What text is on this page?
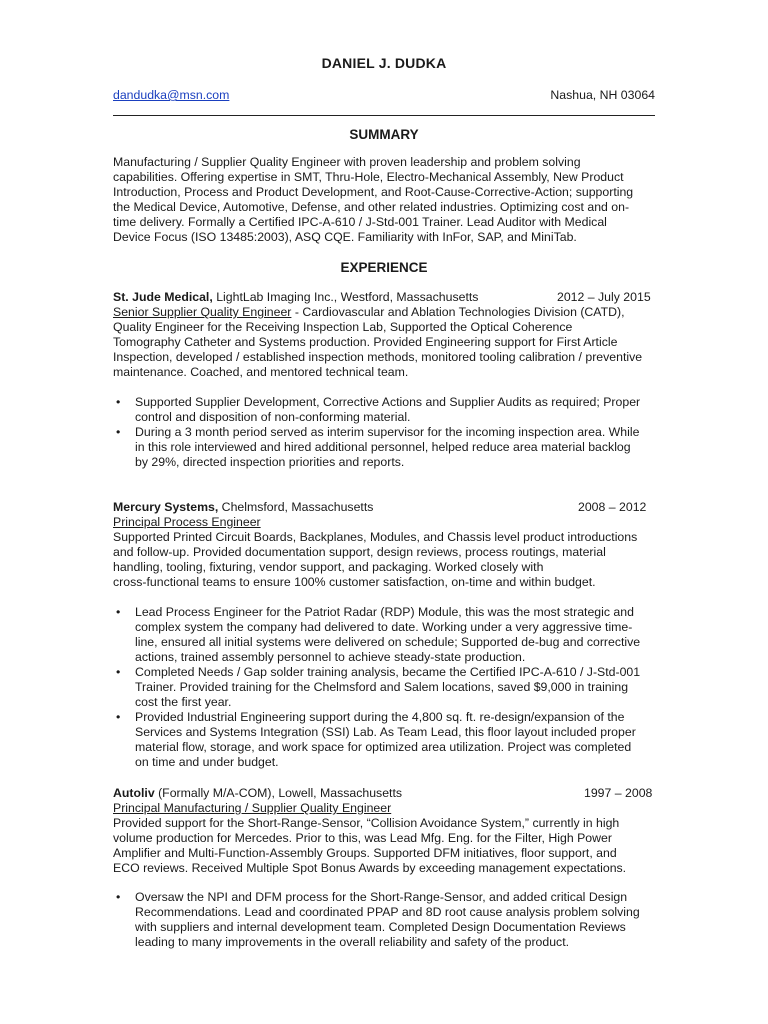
DANIEL J. DUDKA
dandudka@msn.com	Nashua, NH 03064
SUMMARY
Manufacturing / Supplier Quality Engineer with proven leadership and problem solving
capabilities. Offering expertise in SMT, Thru-Hole, Electro-Mechanical Assembly, New Product
Introduction, Process and Product Development, and Root-Cause-Corrective-Action; supporting
the Medical Device, Automotive, Defense, and other related industries. Optimizing cost and on-
time delivery. Formally a Certified IPC-A-610 / J-Std-001 Trainer. Lead Auditor with Medical
Device Focus (ISO 13485:2003), ASQ CQE. Familiarity with InFor, SAP, and MiniTab.
EXPERIENCE
St. Jude Medical, LightLab Imaging Inc., Westford, Massachusetts	2012 – July 2015
Senior Supplier Quality Engineer - Cardiovascular and Ablation Technologies Division (CATD),
Quality Engineer for the Receiving Inspection Lab, Supported the Optical Coherence
Tomography Catheter and Systems production. Provided Engineering support for First Article
Inspection, developed / established inspection methods, monitored tooling calibration / preventive
maintenance. Coached, and mentored technical team.
• Supported Supplier Development, Corrective Actions and Supplier Audits as required; Proper
control and disposition of non-conforming material.
• During a 3 month period served as interim supervisor for the incoming inspection area. While
in this role interviewed and hired additional personnel, helped reduce area material backlog
by 29%, directed inspection priorities and reports.
Mercury Systems, Chelmsford, Massachusetts	2008 – 2012
Principal Process Engineer
Supported Printed Circuit Boards, Backplanes, Modules, and Chassis level product introductions
and follow-up. Provided documentation support, design reviews, process routings, material
handling, tooling, fixturing, vendor support, and packaging. Worked closely with
cross-functional teams to ensure 100% customer satisfaction, on-time and within budget.
• Lead Process Engineer for the Patriot Radar (RDP) Module, this was the most strategic and
complex system the company had delivered to date. Working under a very aggressive time-
line, ensured all initial systems were delivered on schedule; Supported de-bug and corrective
actions, trained assembly personnel to achieve steady-state production.
• Completed Needs / Gap solder training analysis, became the Certified IPC-A-610 / J-Std-001
Trainer. Provided training for the Chelmsford and Salem locations, saved $9,000 in training
cost the first year.
• Provided Industrial Engineering support during the 4,800 sq. ft. re-design/expansion of the
Services and Systems Integration (SSI) Lab. As Team Lead, this floor layout included proper
material flow, storage, and work space for optimized area utilization. Project was completed
on time and under budget.
Autoliv (Formally M/A-COM), Lowell, Massachusetts	1997 – 2008
Principal Manufacturing / Supplier Quality Engineer
Provided support for the Short-Range-Sensor, “Collision Avoidance System,” currently in high
volume production for Mercedes. Prior to this, was Lead Mfg. Eng. for the Filter, High Power
Amplifier and Multi-Function-Assembly Groups. Supported DFM initiatives, floor support, and
ECO reviews. Received Multiple Spot Bonus Awards by exceeding management expectations.
• Oversaw the NPI and DFM process for the Short-Range-Sensor, and added critical Design
Recommendations. Lead and coordinated PPAP and 8D root cause analysis problem solving
with suppliers and internal development team. Completed Design Documentation Reviews
leading to many improvements in the overall reliability and safety of the product.
